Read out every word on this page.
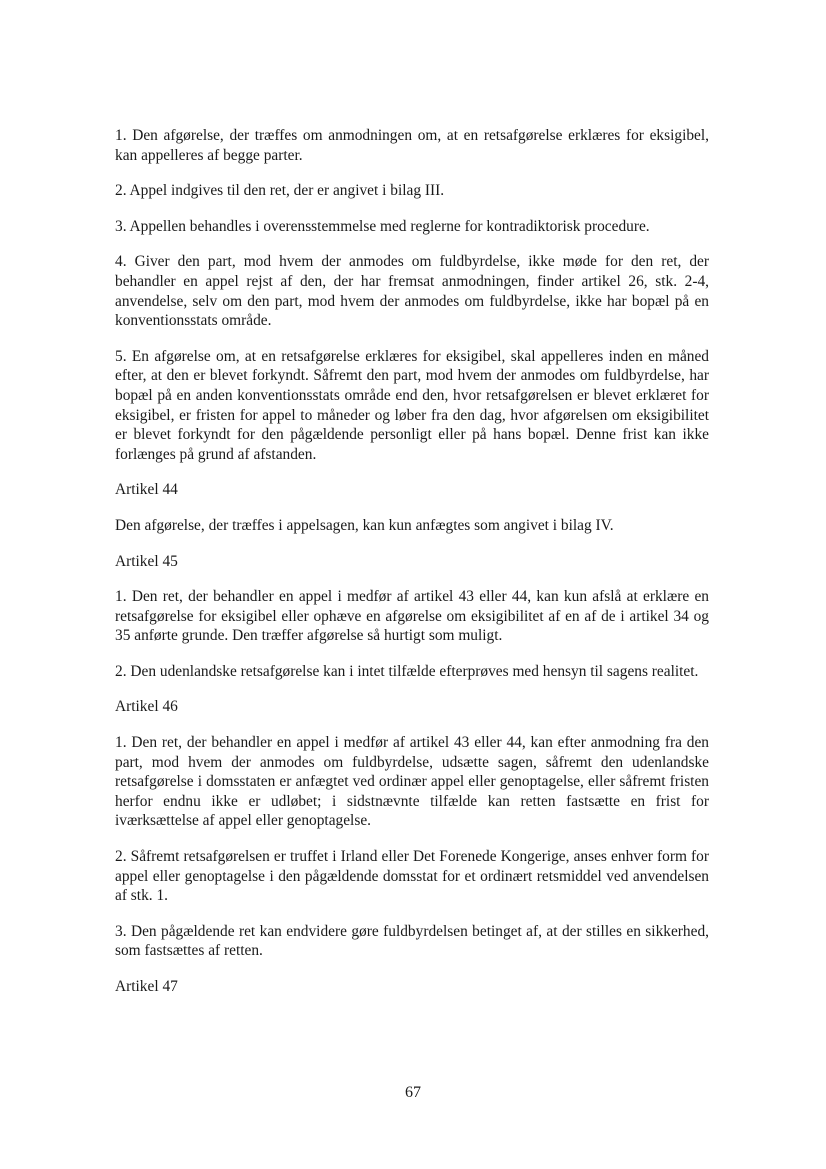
1. Den afgørelse, der træffes om anmodningen om, at en retsafgørelse erklæres for eksigibel, kan appelleres af begge parter.

2. Appel indgives til den ret, der er angivet i bilag III.

3. Appellen behandles i overensstemmelse med reglerne for kontradiktorisk procedure.

4. Giver den part, mod hvem der anmodes om fuldbyrdelse, ikke møde for den ret, der behandler en appel rejst af den, der har fremsat anmodningen, finder artikel 26, stk. 2-4, anvendelse, selv om den part, mod hvem der anmodes om fuldbyrdelse, ikke har bopæl på en konventionsstats område.

5. En afgørelse om, at en retsafgørelse erklæres for eksigibel, skal appelleres inden en måned efter, at den er blevet forkyndt. Såfremt den part, mod hvem der anmodes om fuldbyrdelse, har bopæl på en anden konventionsstats område end den, hvor retsafgørelsen er blevet erklæret for eksigibel, er fristen for appel to måneder og løber fra den dag, hvor afgørelsen om eksigibilitet er blevet forkyndt for den pågældende personligt eller på hans bopæl. Denne frist kan ikke forlænges på grund af afstanden.

Artikel 44

Den afgørelse, der træffes i appelsagen, kan kun anfægtes som angivet i bilag IV.

Artikel 45

1. Den ret, der behandler en appel i medfør af artikel 43 eller 44, kan kun afslå at erklære en retsafgørelse for eksigibel eller ophæve en afgørelse om eksigibilitet af en af de i artikel 34 og 35 anførte grunde. Den træffer afgørelse så hurtigt som muligt.

2. Den udenlandske retsafgørelse kan i intet tilfælde efterprøves med hensyn til sagens realitet.

Artikel 46

1. Den ret, der behandler en appel i medfør af artikel 43 eller 44, kan efter anmodning fra den part, mod hvem der anmodes om fuldbyrdelse, udsætte sagen, såfremt den udenlandske retsafgørelse i domsstaten er anfægtet ved ordinær appel eller genoptagelse, eller såfremt fristen herfor endnu ikke er udløbet; i sidstnævnte tilfælde kan retten fastsætte en frist for iværksættelse af appel eller genoptagelse.

2. Såfremt retsafgørelsen er truffet i Irland eller Det Forenede Kongerige, anses enhver form for appel eller genoptagelse i den pågældende domsstat for et ordinært retsmiddel ved anvendelsen af stk. 1.

3. Den pågældende ret kan endvidere gøre fuldbyrdelsen betinget af, at der stilles en sikkerhed, som fastsættes af retten.

Artikel 47

67
